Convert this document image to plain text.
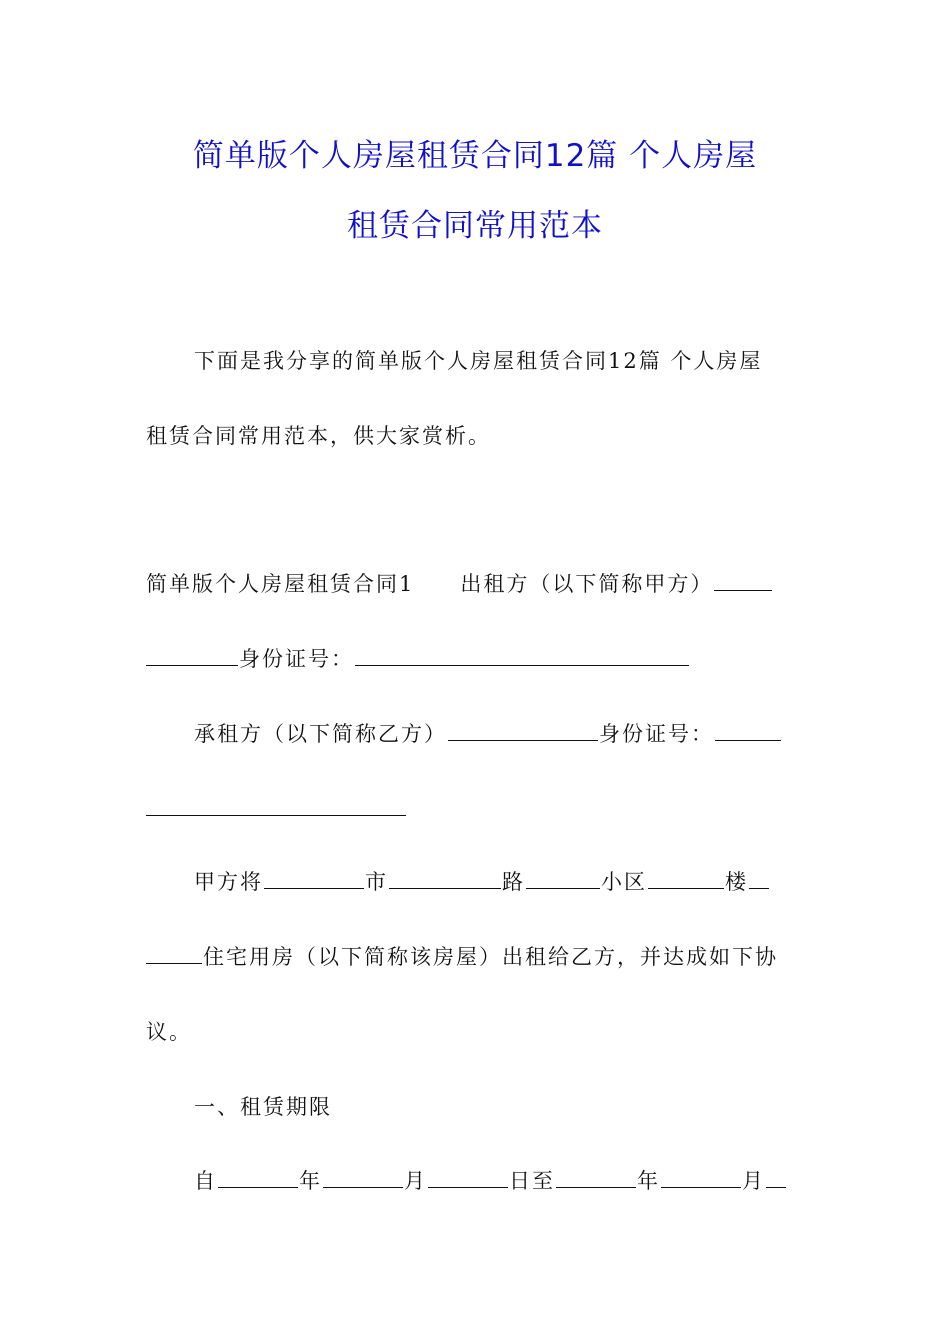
简单版个人房屋租赁合同12篇 个人房屋
租赁合同常用范本
下面是我分享的简单版个人房屋租赁合同12篇 个人房屋
租赁合同常用范本，供大家赏析。
简单版个人房屋租赁合同1 出租方（以下简称甲方）
身份证号：
承租方（以下简称乙方）	身份证号：
甲方将	市	路	小区	楼
住宅用房（以下简称该房屋）出租给乙方，并达成如下协
议。
一、租赁期限
自	年	月	日至	年	月
